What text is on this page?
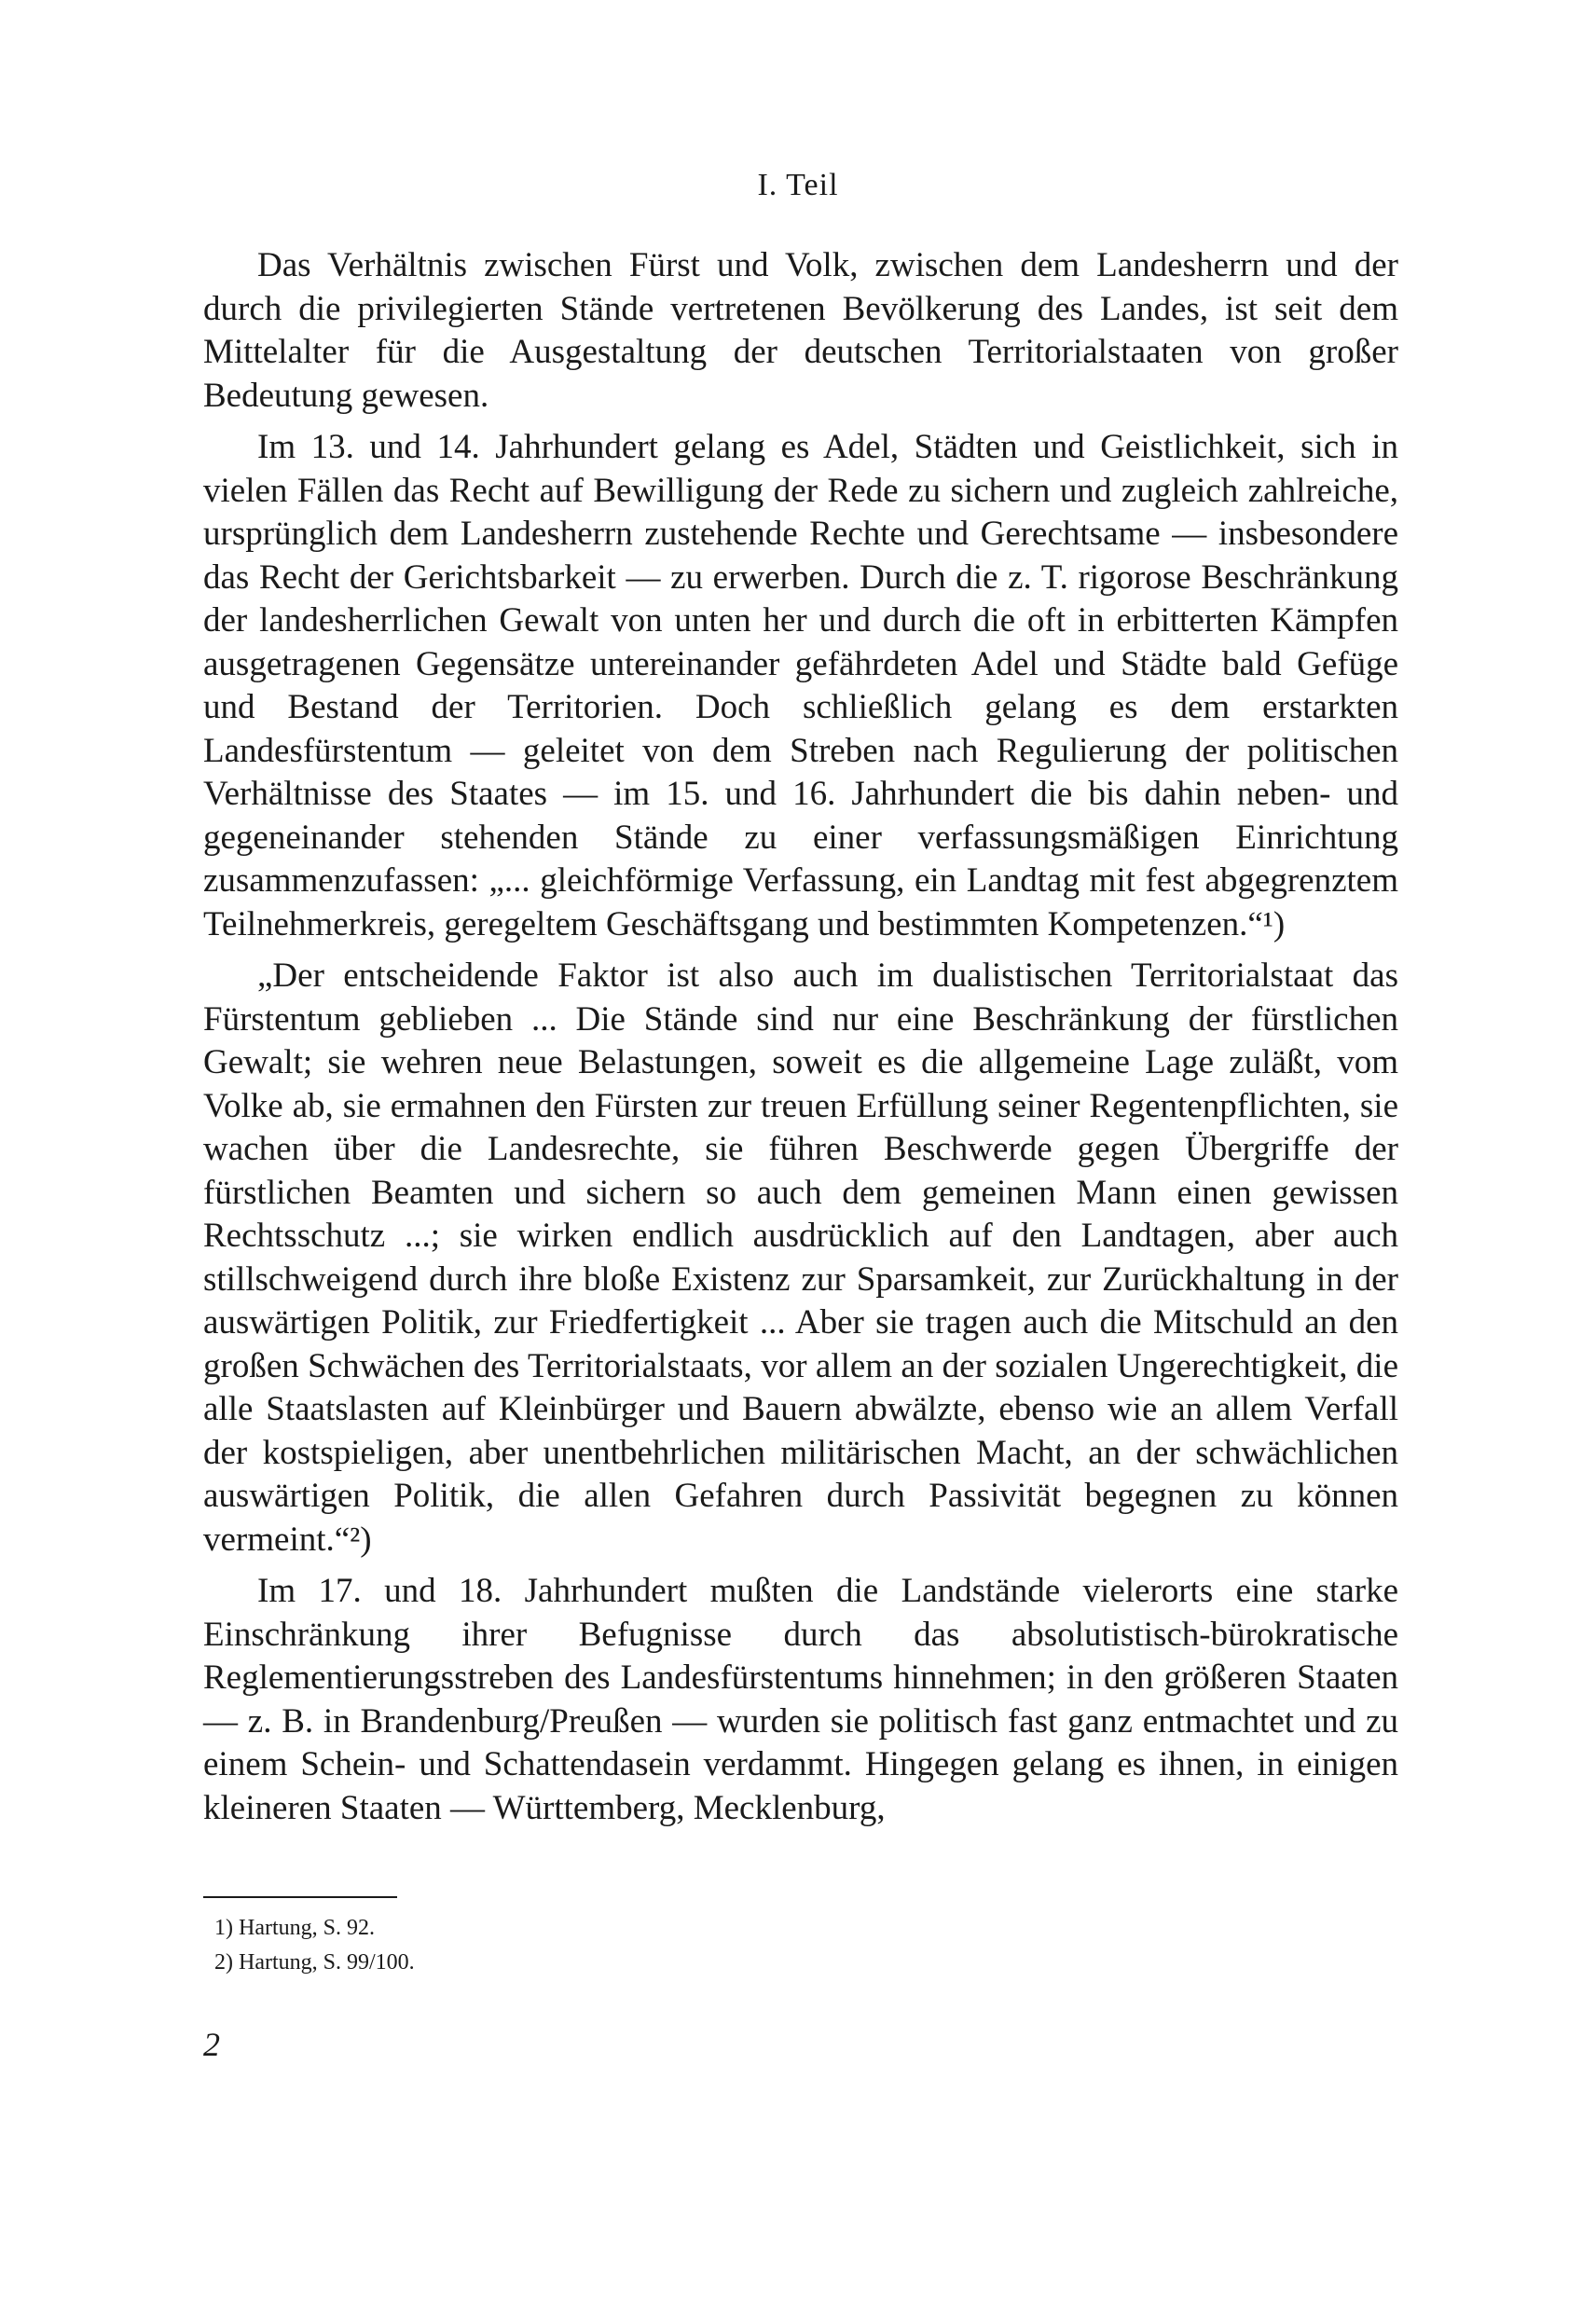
I. Teil

Das Verhältnis zwischen Fürst und Volk, zwischen dem Landesherrn und der durch die privilegierten Stände vertretenen Bevölkerung des Landes, ist seit dem Mittelalter für die Ausgestaltung der deutschen Territorialstaaten von großer Bedeutung gewesen.

Im 13. und 14. Jahrhundert gelang es Adel, Städten und Geistlichkeit, sich in vielen Fällen das Recht auf Bewilligung der Rede zu sichern und zugleich zahlreiche, ursprünglich dem Landesherrn zustehende Rechte und Gerechtsame — insbesondere das Recht der Gerichtsbarkeit — zu erwerben. Durch die z. T. rigorose Beschränkung der landesherrlichen Gewalt von unten her und durch die oft in erbitterten Kämpfen ausgetragenen Gegensätze untereinander gefährdeten Adel und Städte bald Gefüge und Bestand der Territorien. Doch schließlich gelang es dem erstarkten Landesfürstentum — geleitet von dem Streben nach Regulierung der politischen Verhältnisse des Staates — im 15. und 16. Jahrhundert die bis dahin neben- und gegeneinander stehenden Stände zu einer verfassungsmäßigen Einrichtung zusammenzufassen: „... gleichförmige Verfassung, ein Landtag mit fest abgegrenztem Teilnehmerkreis, geregeltem Geschäftsgang und bestimmten Kompetenzen.“¹)

„Der entscheidende Faktor ist also auch im dualistischen Territorialstaat das Fürstentum geblieben ... Die Stände sind nur eine Beschränkung der fürstlichen Gewalt; sie wehren neue Belastungen, soweit es die allgemeine Lage zuläßt, vom Volke ab, sie ermahnen den Fürsten zur treuen Erfüllung seiner Regentenpflichten, sie wachen über die Landesrechte, sie führen Beschwerde gegen Übergriffe der fürstlichen Beamten und sichern so auch dem gemeinen Mann einen gewissen Rechtsschutz ...; sie wirken endlich ausdrücklich auf den Landtagen, aber auch stillschweigend durch ihre bloße Existenz zur Sparsamkeit, zur Zurückhaltung in der auswärtigen Politik, zur Friedfertigkeit ... Aber sie tragen auch die Mitschuld an den großen Schwächen des Territorialstaats, vor allem an der sozialen Ungerechtigkeit, die alle Staatslasten auf Kleinbürger und Bauern abwälzte, ebenso wie an allem Verfall der kostspieligen, aber unentbehrlichen militärischen Macht, an der schwächlichen auswärtigen Politik, die allen Gefahren durch Passivität begegnen zu können vermeint.“²)

Im 17. und 18. Jahrhundert mußten die Landstände vielerorts eine starke Einschränkung ihrer Befugnisse durch das absolutistisch-bürokratische Reglementierungsstreben des Landesfürstentums hinnehmen; in den größeren Staaten — z. B. in Brandenburg/Preußen — wurden sie politisch fast ganz entmachtet und zu einem Schein- und Schattendasein verdammt. Hingegen gelang es ihnen, in einigen kleineren Staaten — Württemberg, Mecklenburg,

1) Hartung, S. 92.
2) Hartung, S. 99/100.
2
